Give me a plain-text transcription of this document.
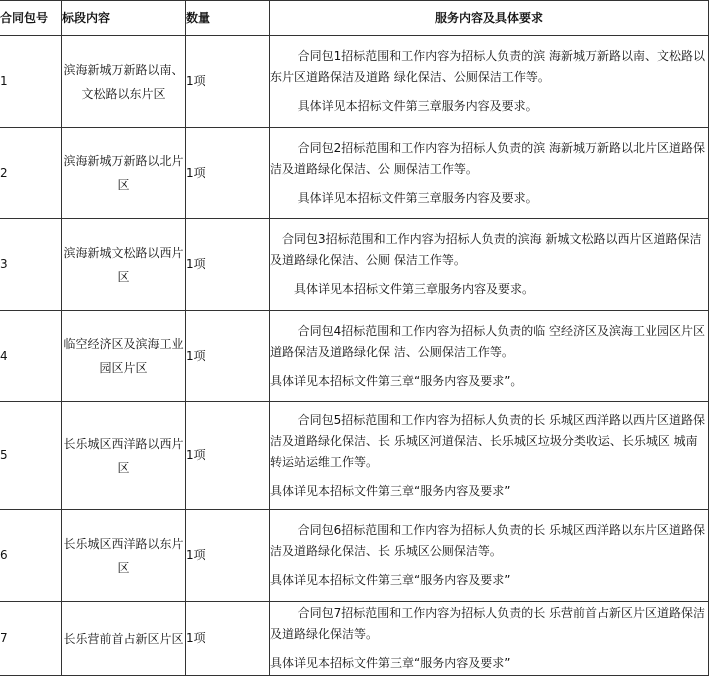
合同包号	标段内容	数量	服务内容及具体要求
1	滨海新城万新路以南、文松路以东片区	1项	合同包1招标范围和工作内容为招标人负责的滨 海新城万新路以南、文松路以东片区道路保洁及道路 绿化保洁、公厕保洁工作等。

具体详见本招标文件第三章服务内容及要求。

2	滨海新城万新路以北片区	1项	合同包2招标范围和工作内容为招标人负责的滨 海新城万新路以北片区道路保洁及道路绿化保洁、公 厕保洁工作等。

具体详见本招标文件第三章服务内容及要求。

3	滨海新城文松路以西片区	1项	合同包3招标范围和工作内容为招标人负责的滨海 新城文松路以西片区道路保洁及道路绿化保洁、公厕 保洁工作等。

具体详见本招标文件第三章服务内容及要求。

4	临空经济区及滨海工业 园区片区	1项	合同包4招标范围和工作内容为招标人负责的临 空经济区及滨海工业园区片区道路保洁及道路绿化保 洁、公厕保洁工作等。

具体详见本招标文件第三章“服务内容及要求”。

5	长乐城区西洋路以西片区	1项	合同包5招标范围和工作内容为招标人负责的长 乐城区西洋路以西片区道路保洁及道路绿化保洁、长 乐城区河道保洁、长乐城区垃圾分类收运、长乐城区 城南转运站运维工作等。

具体详见本招标文件第三章“服务内容及要求”

6	长乐城区西洋路以东片区	1项	合同包6招标范围和工作内容为招标人负责的长 乐城区西洋路以东片区道路保洁及道路绿化保洁、长 乐城区公厕保洁等。

具体详见本招标文件第三章“服务内容及要求”

7	长乐营前首占新区片区	1项	合同包7招标范围和工作内容为招标人负责的长 乐营前首占新区片区道路保洁及道路绿化保洁等。

具体详见本招标文件第三章“服务内容及要求”
